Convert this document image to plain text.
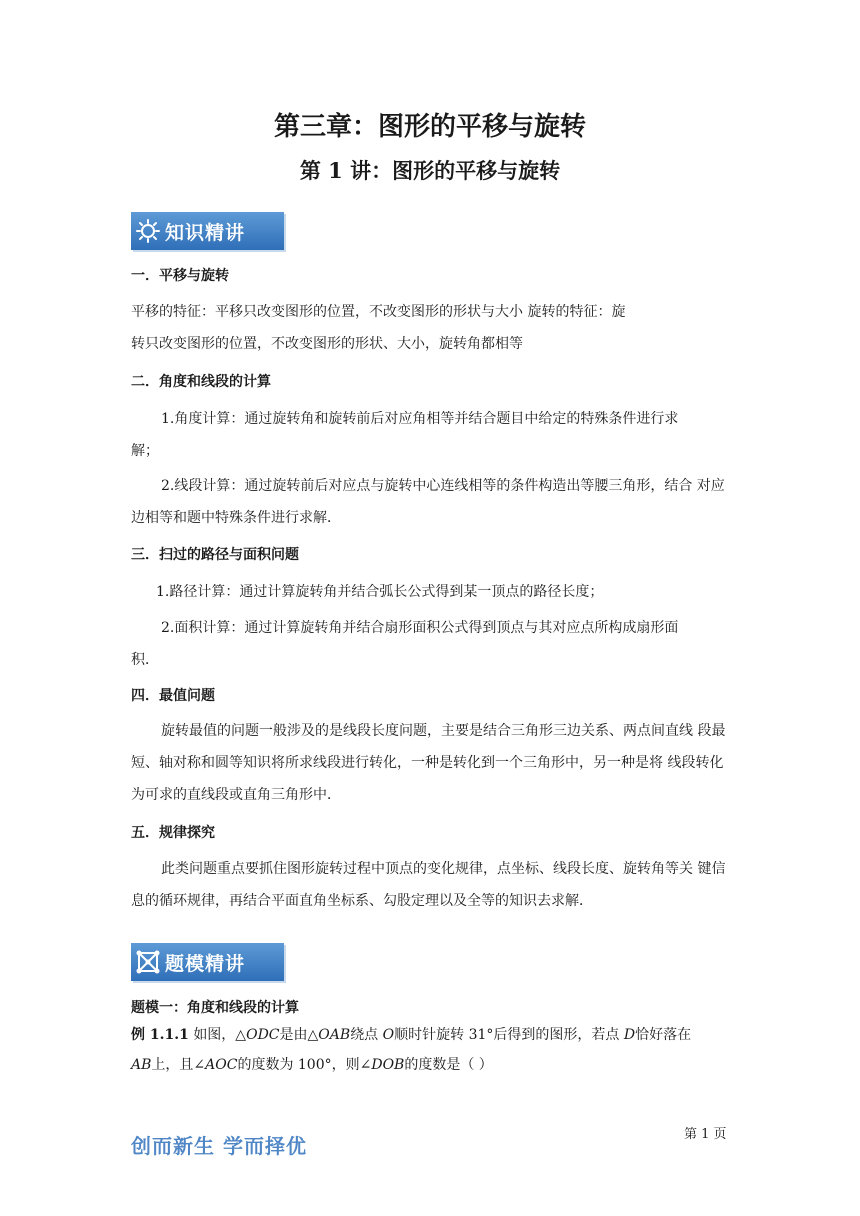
第三章：图形的平移与旋转
第 1 讲：图形的平移与旋转
知识精讲
一．平移与旋转
平移的特征：平移只改变图形的位置，不改变图形的形状与大小 旋转的特征：旋
转只改变图形的位置，不改变图形的形状、大小，旋转角都相等
二．角度和线段的计算
1.角度计算：通过旋转角和旋转前后对应角相等并结合题目中给定的特殊条件进行求
解；
2.线段计算：通过旋转前后对应点与旋转中心连线相等的条件构造出等腰三角形，结合 对应
边相等和题中特殊条件进行求解．
三．扫过的路径与面积问题
1.路径计算：通过计算旋转角并结合弧长公式得到某一顶点的路径长度；
2.面积计算：通过计算旋转角并结合扇形面积公式得到顶点与其对应点所构成扇形面
积．
四．最值问题
旋转最值的问题一般涉及的是线段长度问题，主要是结合三角形三边关系、两点间直线 段最
短、轴对称和圆等知识将所求线段进行转化，一种是转化到一个三角形中，另一种是将 线段转化
为可求的直线段或直角三角形中．
五．规律探究
此类问题重点要抓住图形旋转过程中顶点的变化规律，点坐标、线段长度、旋转角等关 键信
息的循环规律，再结合平面直角坐标系、勾股定理以及全等的知识去求解．
题模精讲
题模一：角度和线段的计算
例 1.1.1 如图，△ODC是由△OAB绕点 O顺时针旋转 31°后得到的图形，若点 D恰好落在
AB上，且∠AOC的度数为 100°，则∠DOB的度数是（ ）
第 1 页
创而新生 学而择优
